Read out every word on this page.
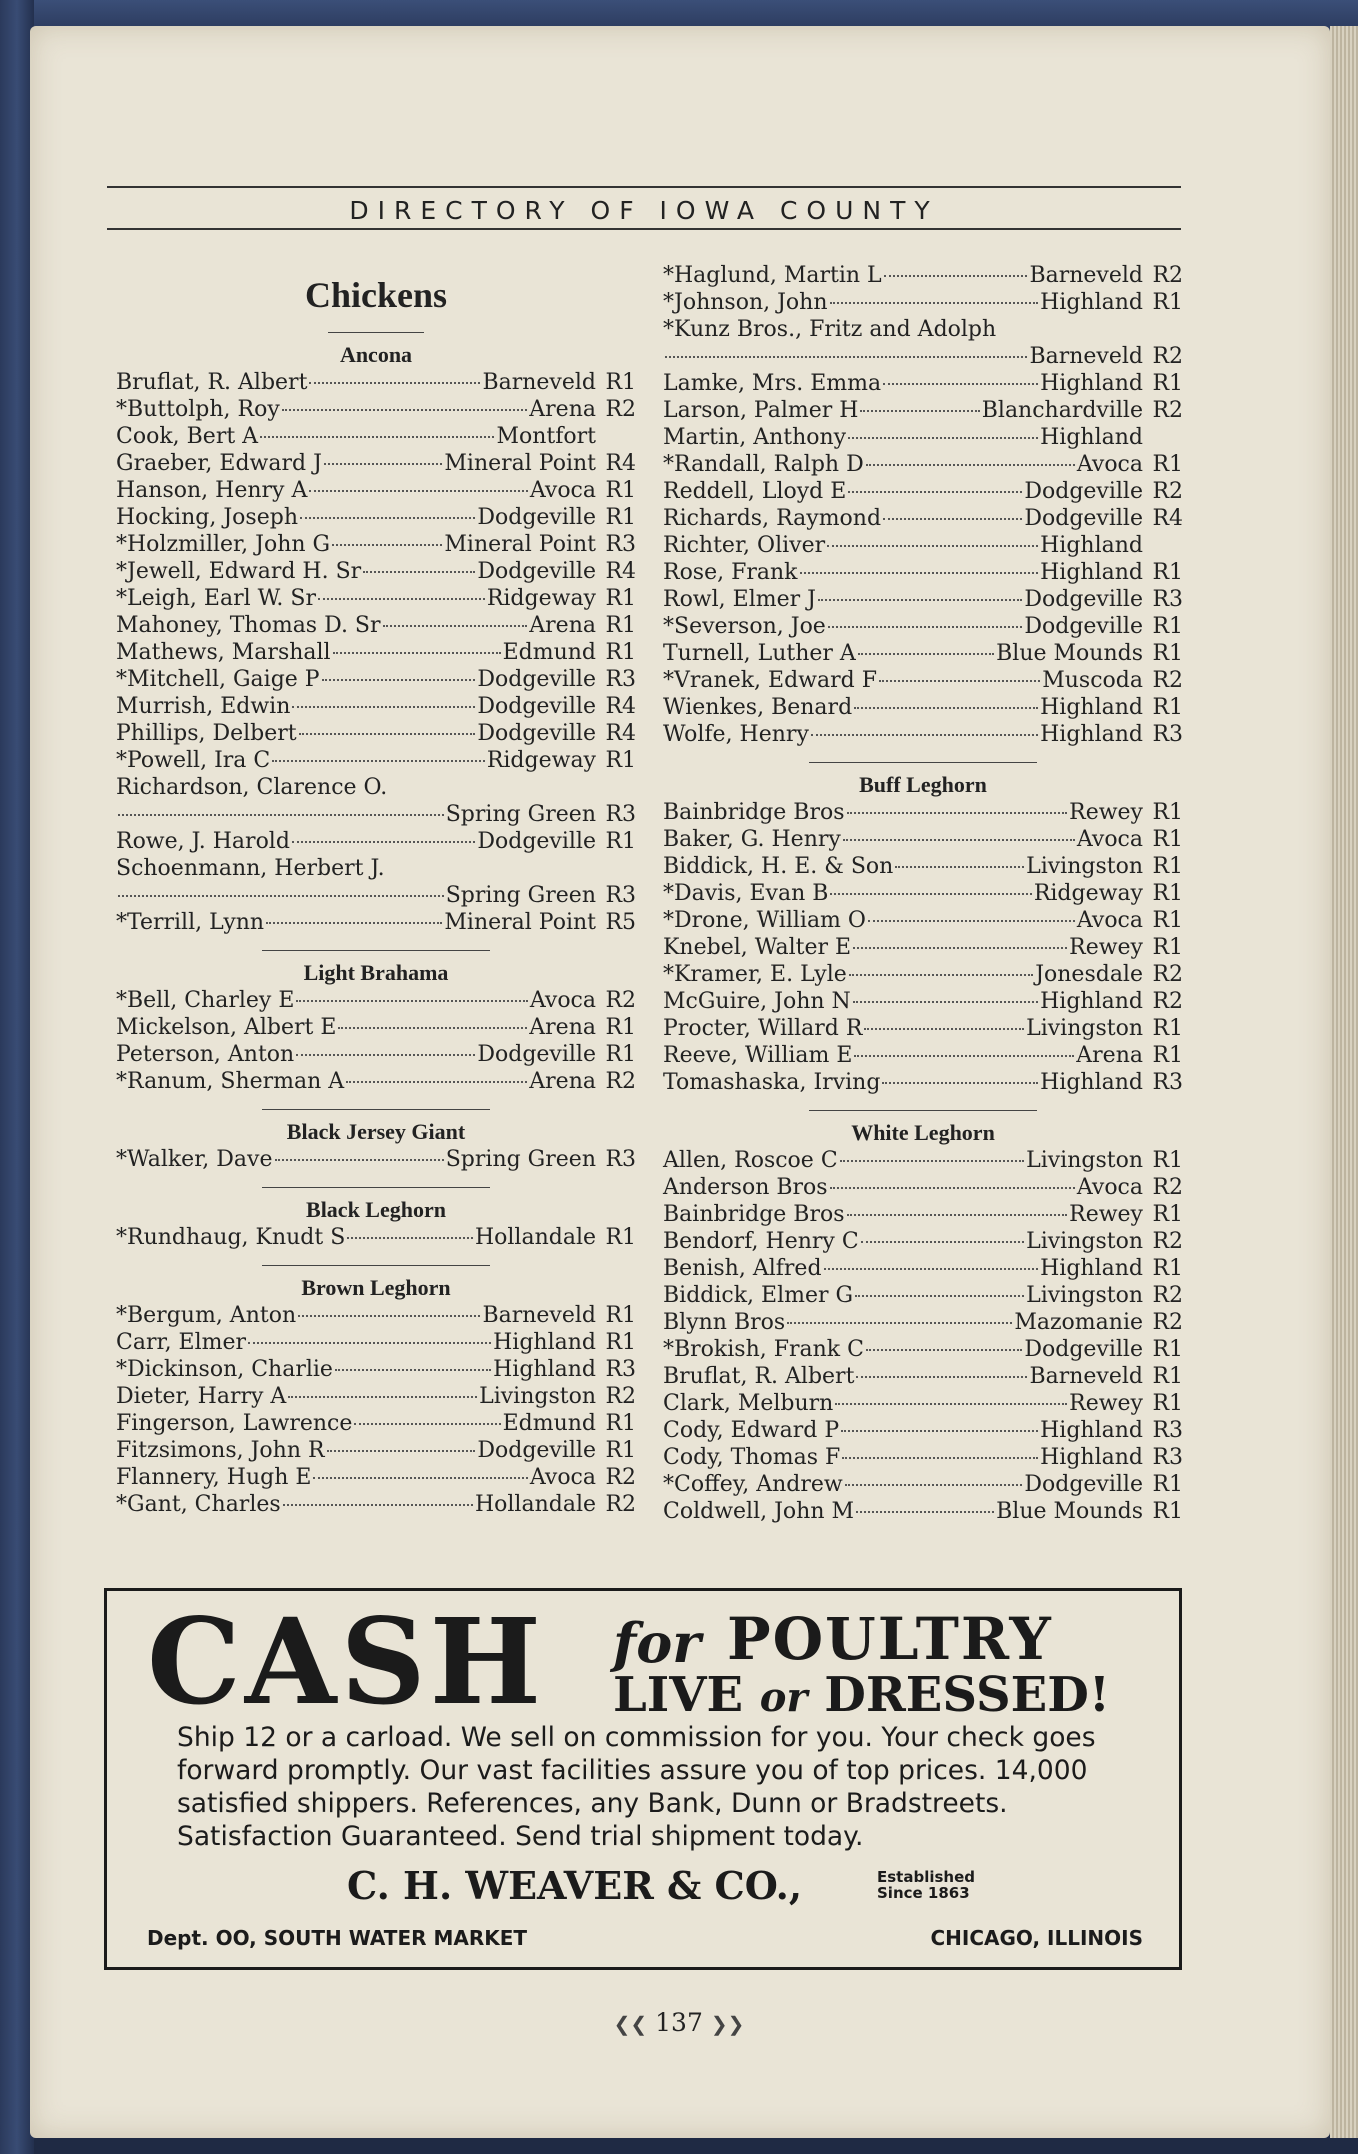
DIRECTORY OF IOWA COUNTY
Chickens
Ancona
Bruflat, R. Albert	Barneveld R1
*Buttolph, Roy	Arena R2
Cook, Bert A	Montfort
Graeber, Edward J	Mineral Point R4
Hanson, Henry A	Avoca R1
Hocking, Joseph	Dodgeville R1
*Holzmiller, John G	Mineral Point R3
*Jewell, Edward H. Sr	Dodgeville R4
*Leigh, Earl W. Sr	Ridgeway R1
Mahoney, Thomas D. Sr	Arena R1
Mathews, Marshall	Edmund R1
*Mitchell, Gaige P	Dodgeville R3
Murrish, Edwin	Dodgeville R4
Phillips, Delbert	Dodgeville R4
*Powell, Ira C	Ridgeway R1
Richardson, Clarence O.
Spring Green R3
Rowe, J. Harold	Dodgeville R1
Schoenmann, Herbert J.
Spring Green R3
*Terrill, Lynn	Mineral Point R5
Light Brahama
*Bell, Charley E	Avoca R2
Mickelson, Albert E	Arena R1
Peterson, Anton	Dodgeville R1
*Ranum, Sherman A	Arena R2
Black Jersey Giant
*Walker, Dave	Spring Green R3
Black Leghorn
*Rundhaug, Knudt S	Hollandale R1
Brown Leghorn
*Bergum, Anton	Barneveld R1
Carr, Elmer	Highland R1
*Dickinson, Charlie	Highland R3
Dieter, Harry A	Livingston R2
Fingerson, Lawrence	Edmund R1
Fitzsimons, John R	Dodgeville R1
Flannery, Hugh E	Avoca R2
*Gant, Charles	Hollandale R2
*Haglund, Martin L	Barneveld R2
*Johnson, John	Highland R1
*Kunz Bros., Fritz and Adolph
Barneveld R2
Lamke, Mrs. Emma	Highland R1
Larson, Palmer H	Blanchardville R2
Martin, Anthony	Highland
*Randall, Ralph D	Avoca R1
Reddell, Lloyd E	Dodgeville R2
Richards, Raymond	Dodgeville R4
Richter, Oliver	Highland
Rose, Frank	Highland R1
Rowl, Elmer J	Dodgeville R3
*Severson, Joe	Dodgeville R1
Turnell, Luther A	Blue Mounds R1
*Vranek, Edward F	Muscoda R2
Wienkes, Benard	Highland R1
Wolfe, Henry	Highland R3
Buff Leghorn
Bainbridge Bros	Rewey R1
Baker, G. Henry	Avoca R1
Biddick, H. E. & Son	Livingston R1
*Davis, Evan B	Ridgeway R1
*Drone, William O	Avoca R1
Knebel, Walter E	Rewey R1
*Kramer, E. Lyle	Jonesdale R2
McGuire, John N	Highland R2
Procter, Willard R	Livingston R1
Reeve, William E	Arena R1
Tomashaska, Irving	Highland R3
White Leghorn
Allen, Roscoe C	Livingston R1
Anderson Bros	Avoca R2
Bainbridge Bros	Rewey R1
Bendorf, Henry C	Livingston R2
Benish, Alfred	Highland R1
Biddick, Elmer G	Livingston R2
Blynn Bros	Mazomanie R2
*Brokish, Frank C	Dodgeville R1
Bruflat, R. Albert	Barneveld R1
Clark, Melburn	Rewey R1
Cody, Edward P	Highland R3
Cody, Thomas F	Highland R3
*Coffey, Andrew	Dodgeville R1
Coldwell, John M	Blue Mounds R1
CASH for POULTRY
LIVE or DRESSED!
Ship 12 or a carload. We sell on commission for you. Your check goes forward promptly. Our vast facilities assure you of top prices. 14,000 satisfied shippers. References, any Bank, Dunn or Bradstreets. Satisfaction Guaranteed. Send trial shipment today.
C. H. WEAVER & CO.,	Established
Since 1863
Dept. OO, SOUTH WATER MARKET	CHICAGO, ILLINOIS
❮❮ 137 ❯❯
